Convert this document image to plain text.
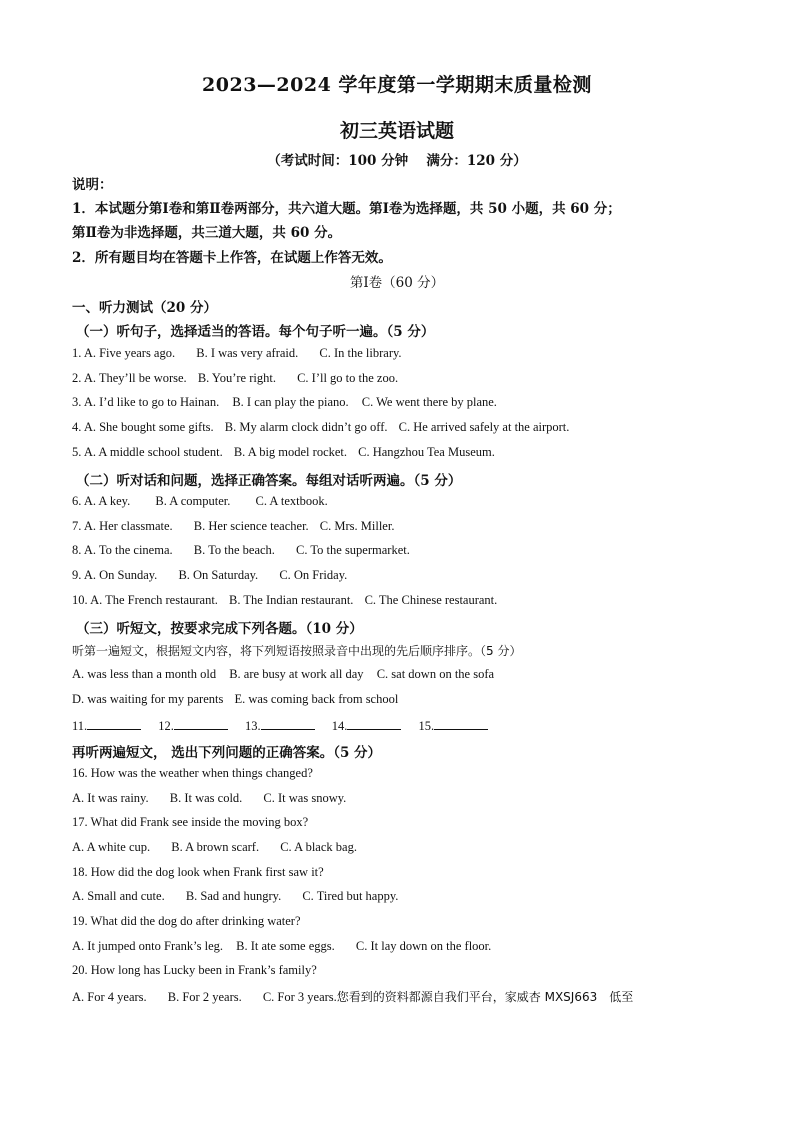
2023—2024 学年度第一学期期末质量检测
初三英语试题
（考试时间：100 分钟　 满分：120 分）
说明：
1．本试题分第Ⅰ卷和第Ⅱ卷两部分，共六道大题。第Ⅰ卷为选择题，共 50 小题，共 60 分；
第Ⅱ卷为非选择题，共三道大题，共 60 分。
2．所有题目均在答题卡上作答，在试题上作答无效。
第Ⅰ卷（60 分）
一、听力测试（20 分）
（一）听句子，选择适当的答语。每个句子听一遍。（5 分）
1. A. Five years ago. B. I was very afraid. C. In the library.
2. A. They’ll be worse. B. You’re right. C. I’ll go to the zoo.
3. A. I’d like to go to Hainan. B. I can play the piano. C. We went there by plane.
4. A. She bought some gifts. B. My alarm clock didn’t go off. C. He arrived safely at the airport.
5. A. A middle school student. B. A big model rocket. C. Hangzhou Tea Museum.
（二）听对话和问题，选择正确答案。每组对话听两遍。（5 分）
6. A. A key. B. A computer. C. A textbook.
7. A. Her classmate. B. Her science teacher. C. Mrs. Miller.
8. A. To the cinema. B. To the beach. C. To the supermarket.
9. A. On Sunday. B. On Saturday. C. On Friday.
10. A. The French restaurant. B. The Indian restaurant. C. The Chinese restaurant.
（三）听短文，按要求完成下列各题。（10 分）
听第一遍短文，根据短文内容，将下列短语按照录音中出现的先后顺序排序。（5 分）
A. was less than a month old B. are busy at work all day C. sat down on the sofa
D. was waiting for my parents E. was coming back from school
11.	12.	13.	14.	15.
再听两遍短文， 选出下列问题的正确答案。（5 分）
16. How was the weather when things changed?
A. It was rainy. B. It was cold. C. It was snowy.
17. What did Frank see inside the moving box?
A. A white cup. B. A brown scarf. C. A black bag.
18. How did the dog look when Frank first saw it?
A. Small and cute. B. Sad and hungry. C. Tired but happy.
19. What did the dog do after drinking water?
A. It jumped onto Frank’s leg. B. It ate some eggs. C. It lay down on the floor.
20. How long has Lucky been in Frank’s family?
A. For 4 years. B. For 2 years. C. For 3 years.您看到的资料都源自我们平台，家威杏 MXSJ663　低至
